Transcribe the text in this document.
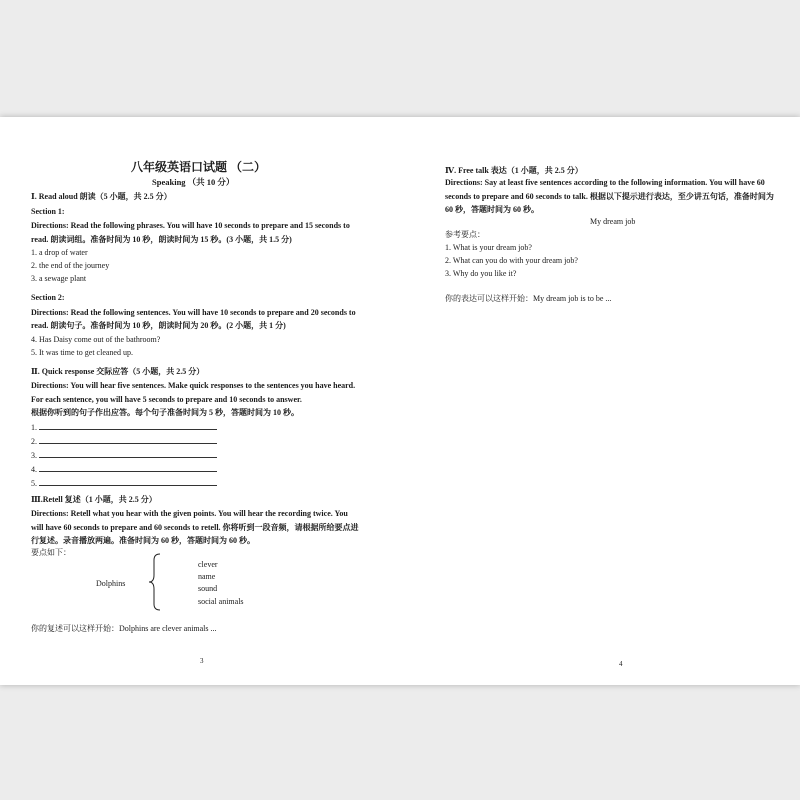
八年级英语口试题 （二）
Speaking （共 10 分）
Ⅰ. Read aloud 朗读（5 小题，共 2.5 分）
Section 1:
Directions: Read the following phrases. You will have 10 seconds to prepare and 15 seconds to
read. 朗读词组。准备时间为 10 秒，朗读时间为 15 秒。(3 小题，共 1.5 分)
1. a drop of water
2. the end of the journey
3. a sewage plant
Section 2:
Directions: Read the following sentences. You will have 10 seconds to prepare and 20 seconds to
read. 朗读句子。准备时间为 10 秒，朗读时间为 20 秒。(2 小题，共 1 分)
4. Has Daisy come out of the bathroom?
5. It was time to get cleaned up.
Ⅱ. Quick response 交际应答（5 小题，共 2.5 分）
Directions: You will hear five sentences. Make quick responses to the sentences you have heard.
For each sentence, you will have 5 seconds to prepare and 10 seconds to answer.
根据你听到的句子作出应答。每个句子准备时间为 5 秒，答题时间为 10 秒。
1.
2.
3.
4.
5.
Ⅲ.Retell 复述（1 小题，共 2.5 分）
Directions: Retell what you hear with the given points. You will hear the recording twice. You
will have 60 seconds to prepare and 60 seconds to retell. 你将听到一段音频，请根据所给要点进
行复述。录音播放两遍。准备时间为 60 秒，答题时间为 60 秒。
要点如下：
Dolphins
clever
name
sound
social animals
你的复述可以这样开始：Dolphins are clever animals ...
3
Ⅳ. Free talk 表达（1 小题，共 2.5 分）
Directions: Say at least five sentences according to the following information. You will have 60
seconds to prepare and 60 seconds to talk. 根据以下提示进行表达，至少讲五句话，准备时间为
60 秒，答题时间为 60 秒。
My dream job
参考要点：
1. What is your dream job?
2. What can you do with your dream job?
3. Why do you like it?
你的表达可以这样开始：My dream job is to be ...
4
